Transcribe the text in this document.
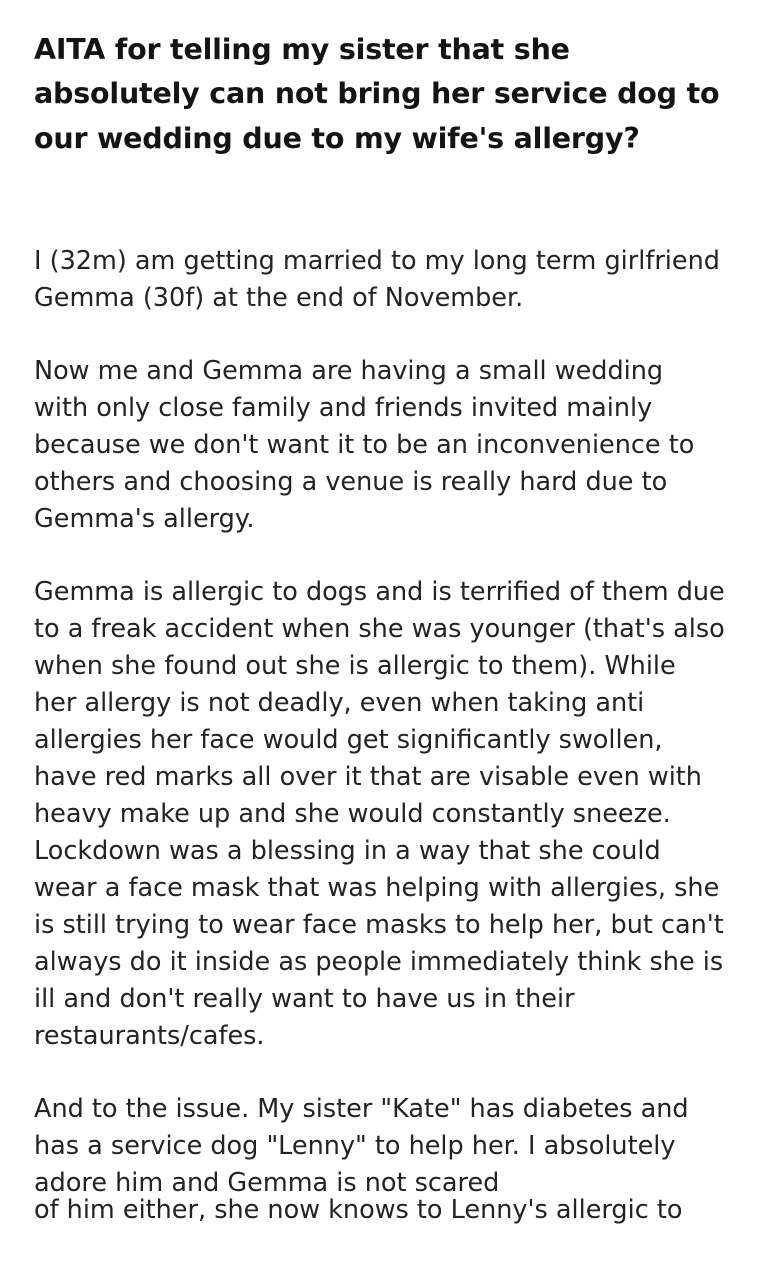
AITA for telling my sister that she absolutely can not bring her service dog to our wedding due to my wife's allergy?

I (32m) am getting married to my long term girlfriend Gemma (30f) at the end of November.

Now me and Gemma are having a small wedding with only close family and friends invited mainly because we don't want it to be an inconvenience to others and choosing a venue is really hard due to Gemma's allergy.

Gemma is allergic to dogs and is terrified of them due to a freak accident when she was younger (that's also when she found out she is allergic to them). While her allergy is not deadly, even when taking anti allergies her face would get significantly swollen, have red marks all over it that are visable even with heavy make up and she would constantly sneeze. Lockdown was a blessing in a way that she could wear a face mask that was helping with allergies, she is still trying to wear face masks to help her, but can't always do it inside as people immediately think she is ill and don't really want to have us in their restaurants/cafes.

And to the issue. My sister "Kate" has diabetes and has a service dog "Lenny" to help her. I absolutely adore him and Gemma is not scared

of him either, she now knows to Lenny's allergic to
